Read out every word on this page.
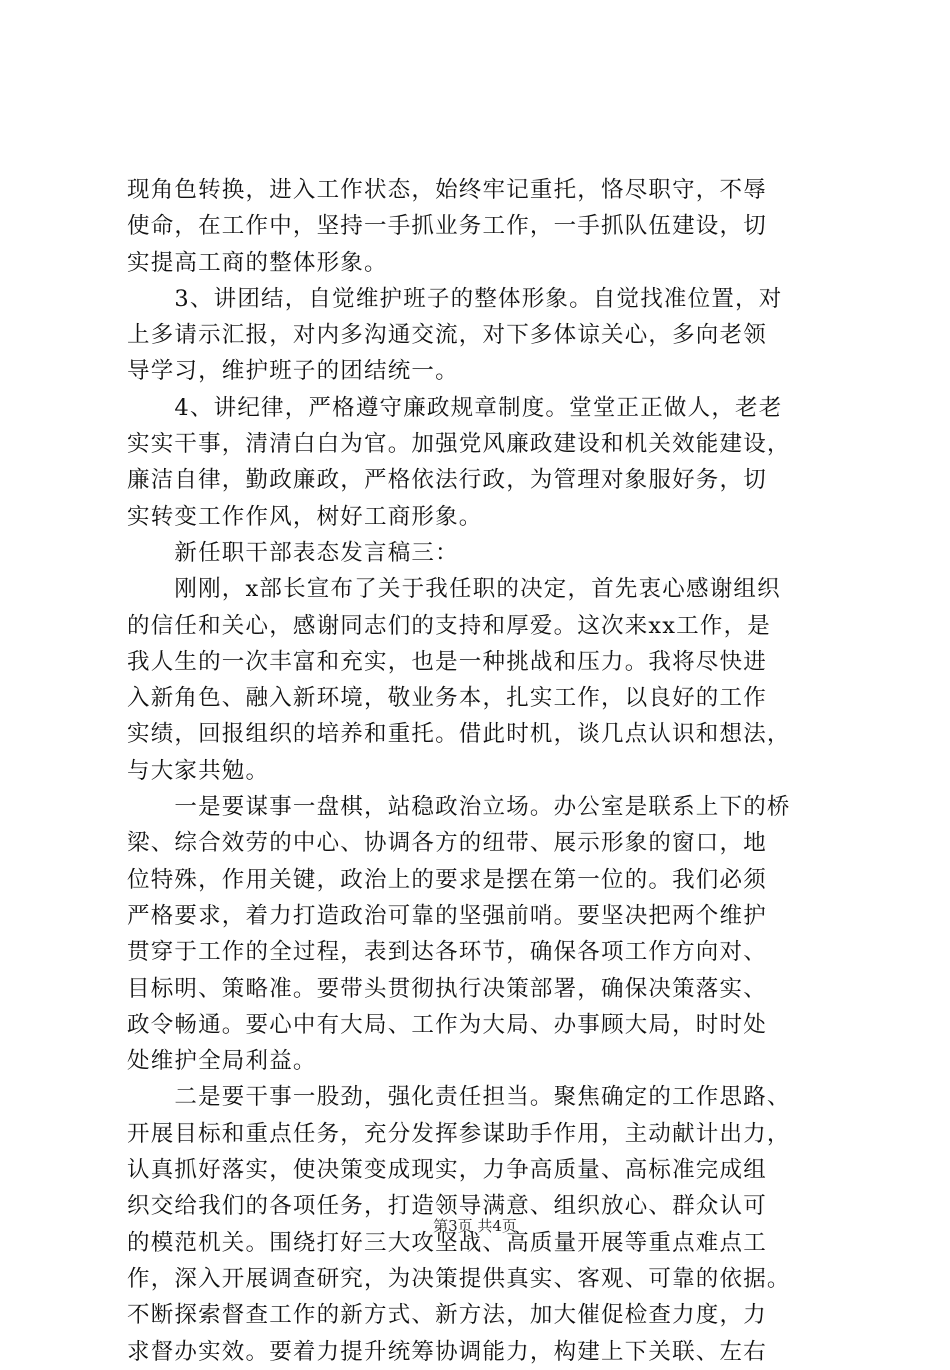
现角色转换，进入工作状态，始终牢记重托，恪尽职守，不辱
使命，在工作中，坚持一手抓业务工作，一手抓队伍建设，切
实提高工商的整体形象。
　　3、讲团结，自觉维护班子的整体形象。自觉找准位置，对
上多请示汇报，对内多沟通交流，对下多体谅关心，多向老领
导学习，维护班子的团结统一。
　　4、讲纪律，严格遵守廉政规章制度。堂堂正正做人，老老
实实干事，清清白白为官。加强党风廉政建设和机关效能建设，
廉洁自律，勤政廉政，严格依法行政，为管理对象服好务，切
实转变工作作风，树好工商形象。
　　新任职干部表态发言稿三：
　　刚刚，x部长宣布了关于我任职的决定，首先衷心感谢组织
的信任和关心，感谢同志们的支持和厚爱。这次来xx工作，是
我人生的一次丰富和充实，也是一种挑战和压力。我将尽快进
入新角色、融入新环境，敬业务本，扎实工作，以良好的工作
实绩，回报组织的培养和重托。借此时机，谈几点认识和想法，
与大家共勉。
　　一是要谋事一盘棋，站稳政治立场。办公室是联系上下的桥
梁、综合效劳的中心、协调各方的纽带、展示形象的窗口，地
位特殊，作用关键，政治上的要求是摆在第一位的。我们必须
严格要求，着力打造政治可靠的坚强前哨。要坚决把两个维护
贯穿于工作的全过程，表到达各环节，确保各项工作方向对、
目标明、策略准。要带头贯彻执行决策部署，确保决策落实、
政令畅通。要心中有大局、工作为大局、办事顾大局，时时处
处维护全局利益。
　　二是要干事一股劲，强化责任担当。聚焦确定的工作思路、
开展目标和重点任务，充分发挥参谋助手作用，主动献计出力，
认真抓好落实，使决策变成现实，力争高质量、高标准完成组
织交给我们的各项任务，打造领导满意、组织放心、群众认可
的模范机关。围绕打好三大攻坚战、高质量开展等重点难点工
作，深入开展调查研究，为决策提供真实、客观、可靠的依据。
不断探索督查工作的新方式、新方法，加大催促检查力度，力
求督办实效。要着力提升统筹协调能力，构建上下关联、左右
第3页 共4页
